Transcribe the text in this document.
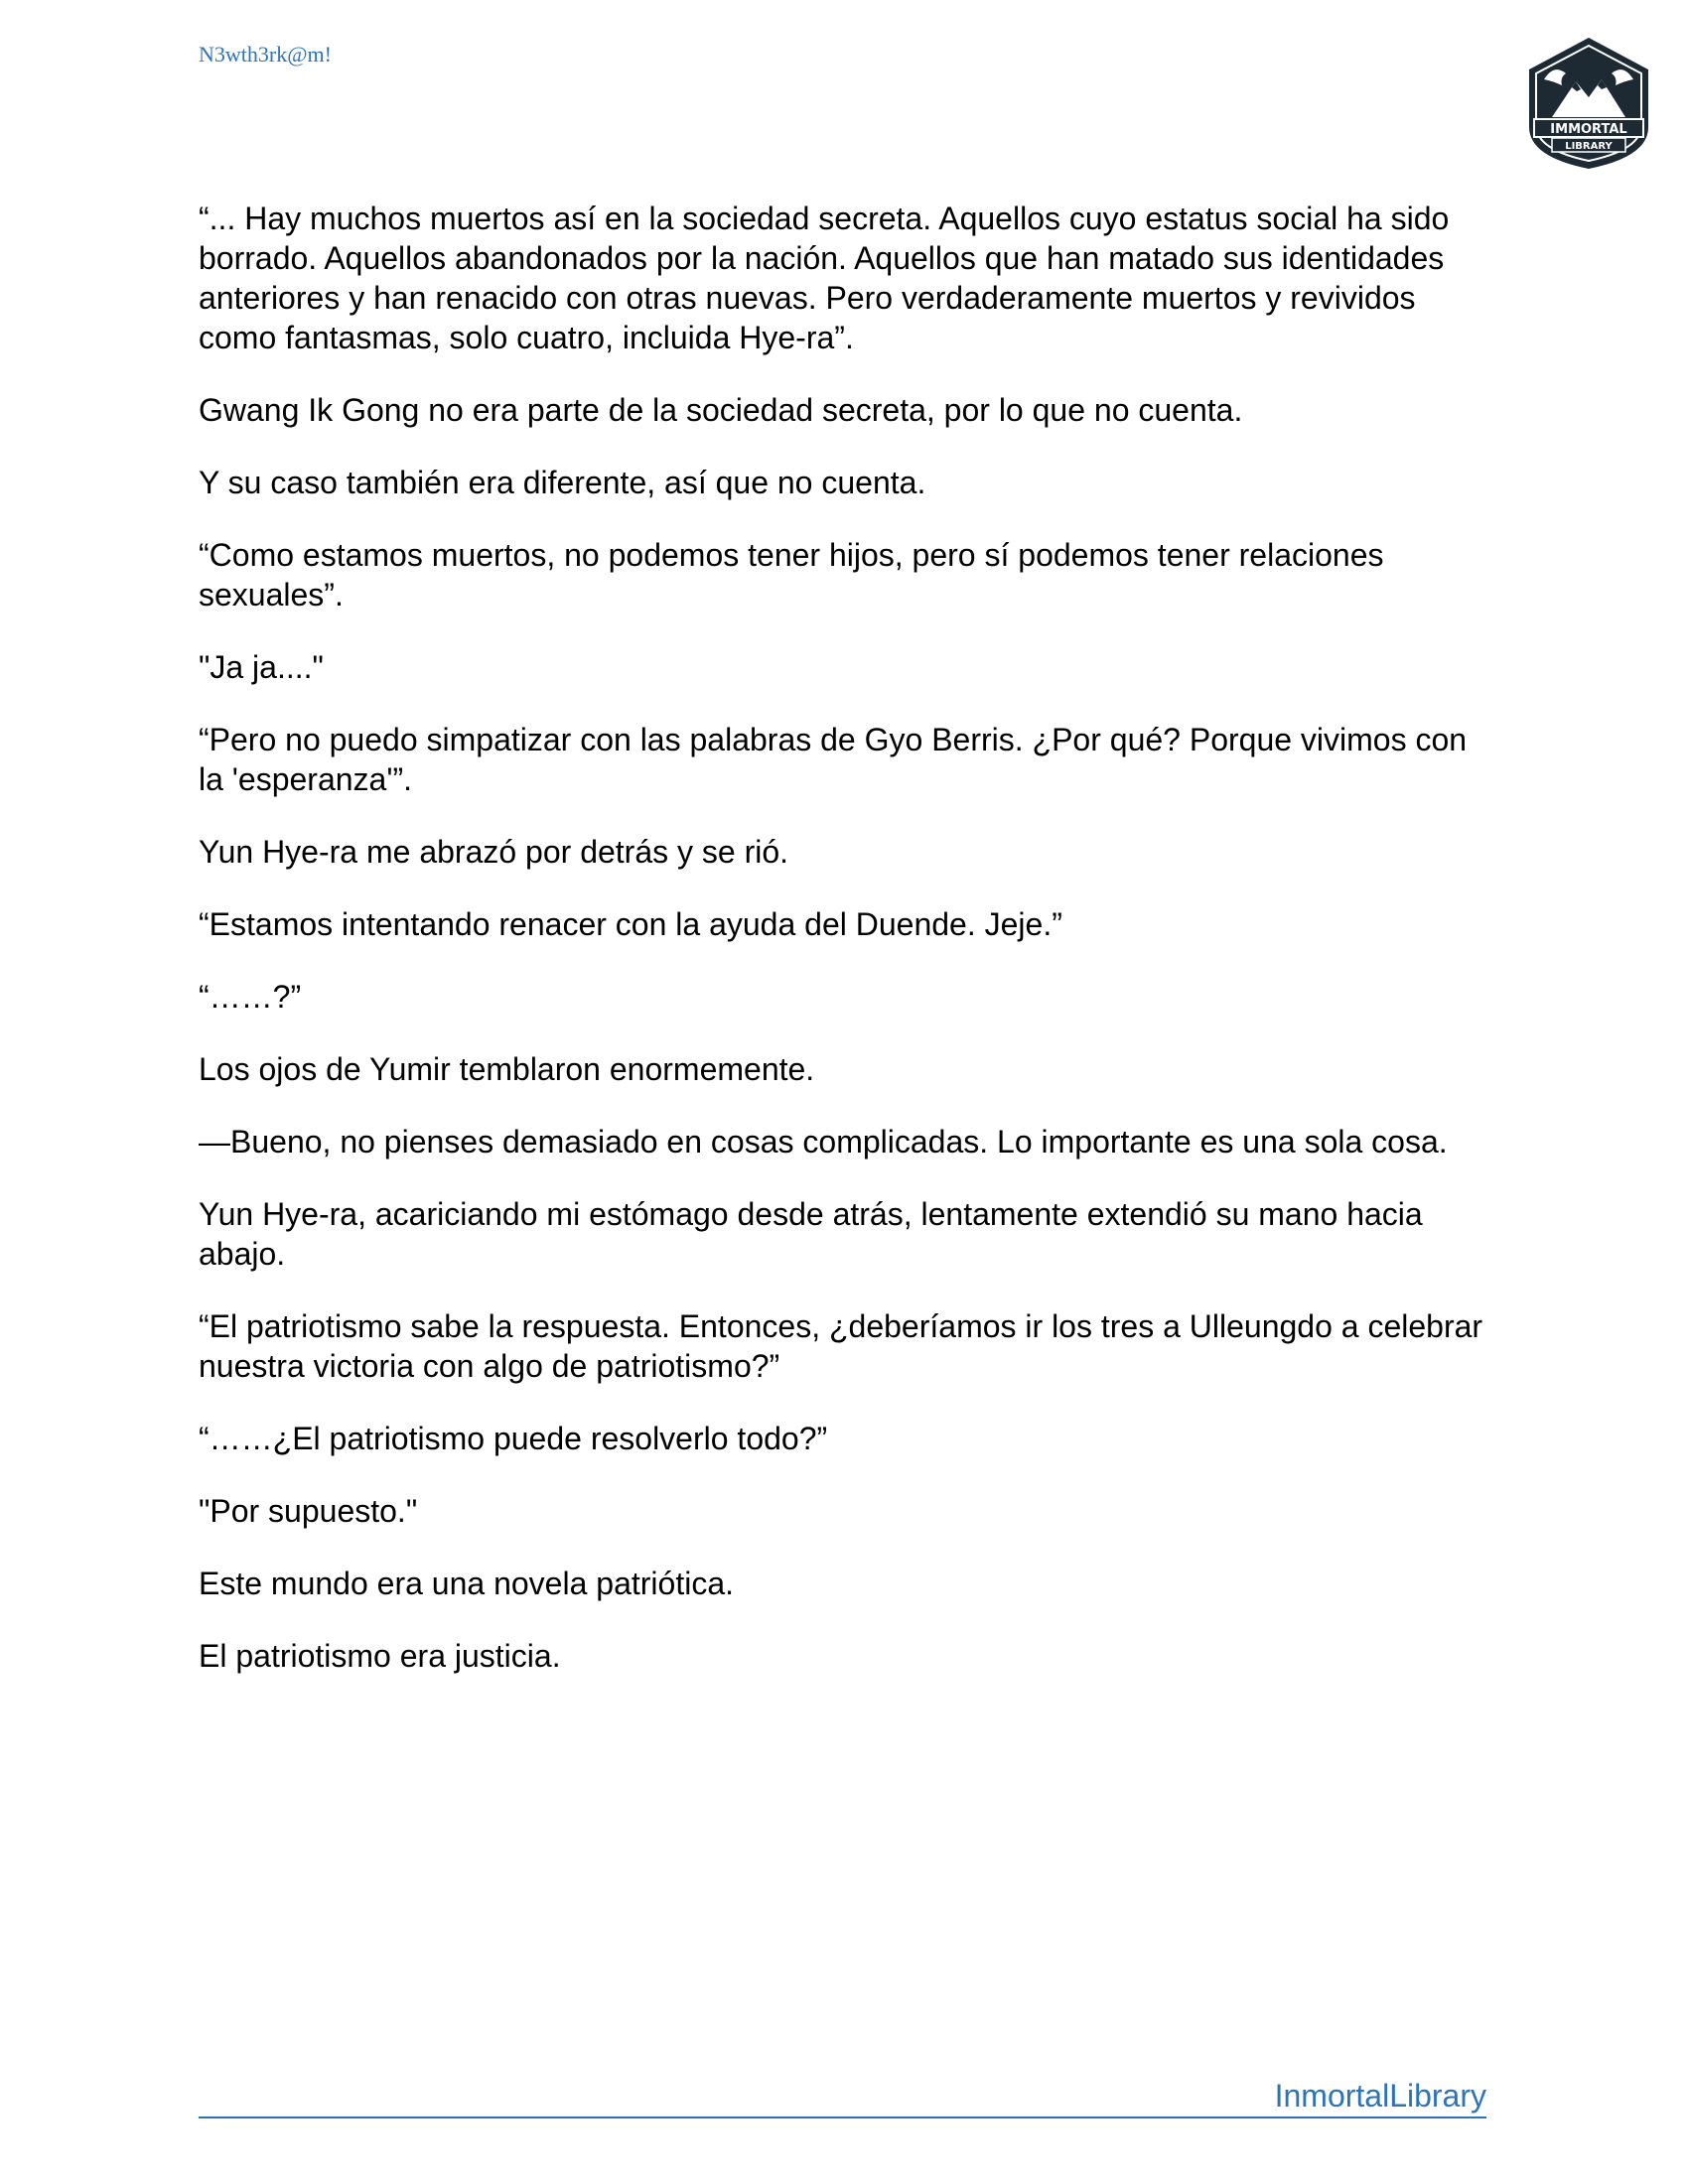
N3wth3rk@m!
IMMORTAL
LIBRARY

“... Hay muchos muertos así en la sociedad secreta. Aquellos cuyo estatus social ha sido borrado. Aquellos abandonados por la nación. Aquellos que han matado sus identidades anteriores y han renacido con otras nuevas. Pero verdaderamente muertos y revividos como fantasmas, solo cuatro, incluida Hye-ra”.

Gwang Ik Gong no era parte de la sociedad secreta, por lo que no cuenta.

Y su caso también era diferente, así que no cuenta.

“Como estamos muertos, no podemos tener hijos, pero sí podemos tener relaciones sexuales”.

"Ja ja...."

“Pero no puedo simpatizar con las palabras de Gyo Berris. ¿Por qué? Porque vivimos con la 'esperanza'”.

Yun Hye-ra me abrazó por detrás y se rió.

“Estamos intentando renacer con la ayuda del Duende. Jeje.”

“……?”

Los ojos de Yumir temblaron enormemente.

—Bueno, no pienses demasiado en cosas complicadas. Lo importante es una sola cosa.

Yun Hye-ra, acariciando mi estómago desde atrás, lentamente extendió su mano hacia abajo.

“El patriotismo sabe la respuesta. Entonces, ¿deberíamos ir los tres a Ulleungdo a celebrar nuestra victoria con algo de patriotismo?”

“……¿El patriotismo puede resolverlo todo?”

"Por supuesto."

Este mundo era una novela patriótica.

El patriotismo era justicia.

InmortalLibrary
